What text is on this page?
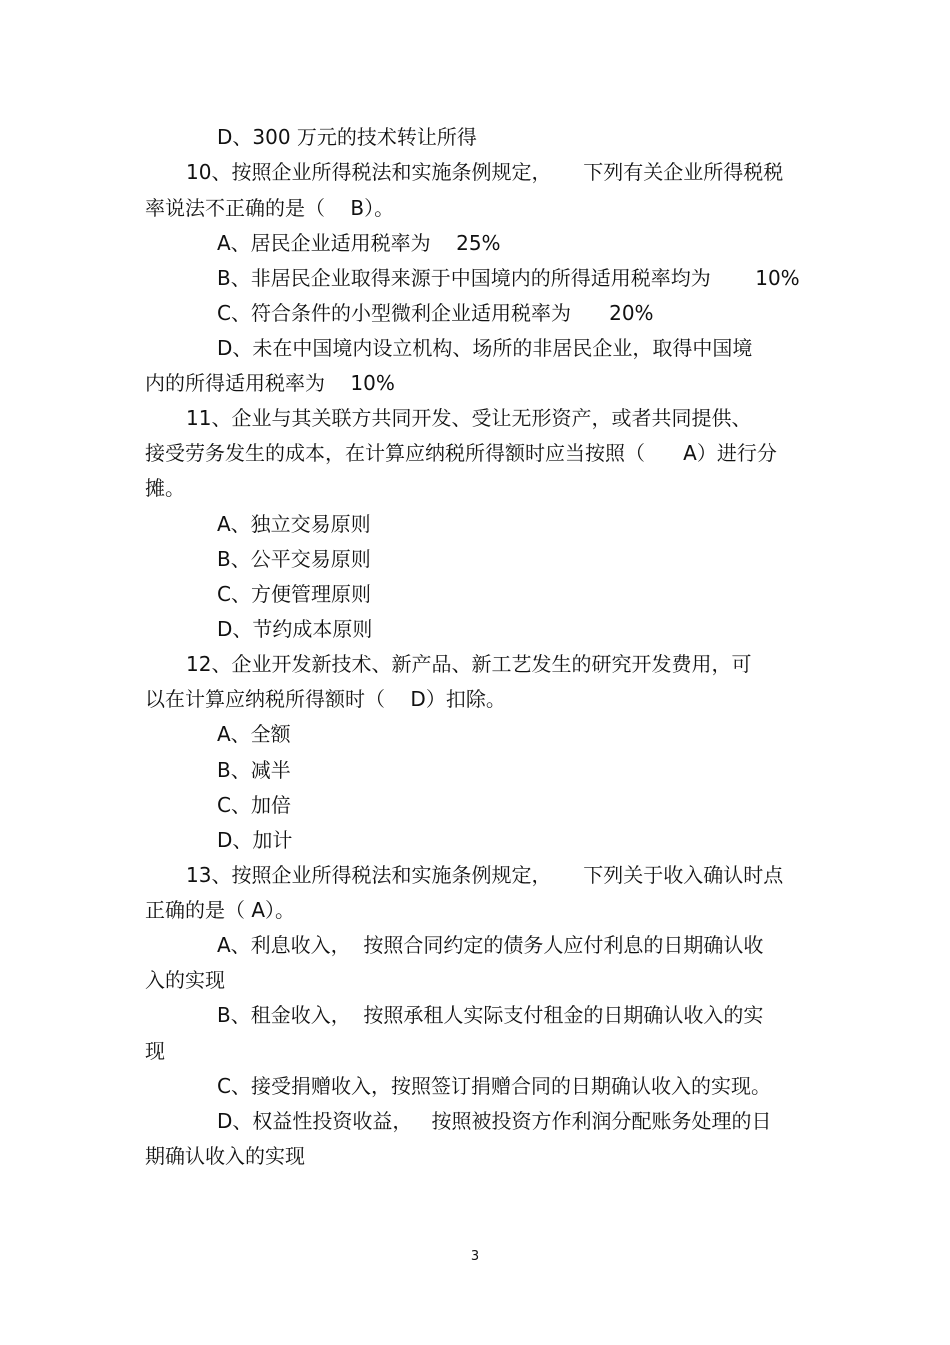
D、300 万元的技术转让所得
10、按照企业所得税法和实施条例规定，     下列有关企业所得税税
率说法不正确的是（    B）。
A、居民企业适用税率为    25%
B、非居民企业取得来源于中国境内的所得适用税率均为       10%
C、符合条件的小型微利企业适用税率为      20%
D、未在中国境内设立机构、场所的非居民企业，取得中国境
内的所得适用税率为    10%
11、企业与其关联方共同开发、受让无形资产，或者共同提供、
接受劳务发生的成本，在计算应纳税所得额时应当按照（      A）进行分
摊。
A、独立交易原则
B、公平交易原则
C、方便管理原则
D、节约成本原则
12、企业开发新技术、新产品、新工艺发生的研究开发费用，可
以在计算应纳税所得额时（    D）扣除。
A、全额
B、减半
C、加倍
D、加计
13、按照企业所得税法和实施条例规定，     下列关于收入确认时点
正确的是（ A）。
A、利息收入，  按照合同约定的债务人应付利息的日期确认收
入的实现
B、租金收入，  按照承租人实际支付租金的日期确认收入的实
现
C、接受捐赠收入，按照签订捐赠合同的日期确认收入的实现。
D、权益性投资收益，   按照被投资方作利润分配账务处理的日
期确认收入的实现
3
